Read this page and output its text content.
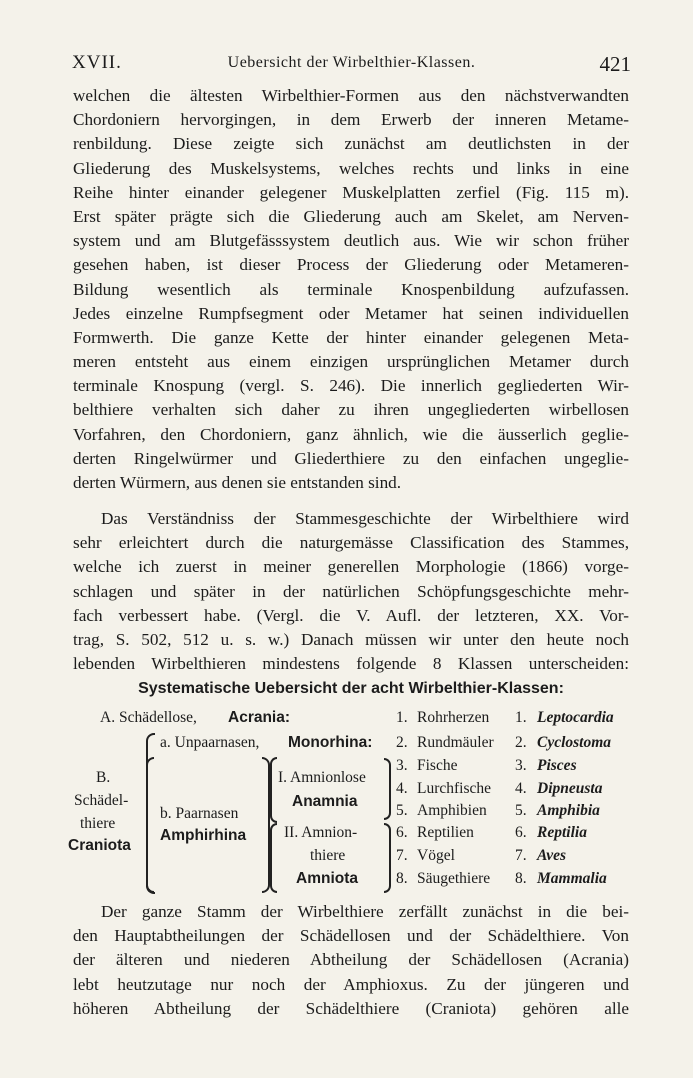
XVII.	Uebersicht der Wirbelthier-Klassen.	421
welchen die ältesten Wirbelthier-Formen aus den nächstverwandten
Chordoniern hervorgingen, in dem Erwerb der inneren Metame-
renbildung. Diese zeigte sich zunächst am deutlichsten in der
Gliederung des Muskelsystems, welches rechts und links in eine
Reihe hinter einander gelegener Muskelplatten zerfiel (Fig. 115 m).
Erst später prägte sich die Gliederung auch am Skelet, am Nerven-
system und am Blutgefässsystem deutlich aus. Wie wir schon früher
gesehen haben, ist dieser Process der Gliederung oder Metameren-
Bildung wesentlich als terminale Knospenbildung aufzufassen.
Jedes einzelne Rumpfsegment oder Metamer hat seinen individuellen
Formwerth. Die ganze Kette der hinter einander gelegenen Meta-
meren entsteht aus einem einzigen ursprünglichen Metamer durch
terminale Knospung (vergl. S. 246). Die innerlich gegliederten Wir-
belthiere verhalten sich daher zu ihren ungegliederten wirbellosen
Vorfahren, den Chordoniern, ganz ähnlich, wie die äusserlich geglie-
derten Ringelwürmer und Gliederthiere zu den einfachen ungeglie-
derten Würmern, aus denen sie entstanden sind.
Das Verständniss der Stammesgeschichte der Wirbelthiere wird
sehr erleichtert durch die naturgemässe Classification des Stammes,
welche ich zuerst in meiner generellen Morphologie (1866) vorge-
schlagen und später in der natürlichen Schöpfungsgeschichte mehr-
fach verbessert habe. (Vergl. die V. Aufl. der letzteren, XX. Vor-
trag, S. 502, 512 u. s. w.) Danach müssen wir unter den heute noch
lebenden Wirbelthieren mindestens folgende 8 Klassen unterscheiden:
Systematische Uebersicht der acht Wirbelthier-Klassen:
A. Schädellose, Acrania:
B.
Schädel-
thiere
Craniota
a. Unpaarnasen, Monorhina:
b. Paarnasen
Amphirhina
I. Amnionlose
Anamnia
II. Amnion-
thiere
Amniota
1. Rohrherzen 1. Leptocardia
2. Rundmäuler 2. Cyclostoma
3. Fische	3. Pisces
4. Lurchfische 4. Dipneusta
5. Amphibien 5. Amphibia
6. Reptilien	6. Reptilia
7. Vögel	7. Aves
8. Säugethiere 8. Mammalia
Der ganze Stamm der Wirbelthiere zerfällt zunächst in die bei-
den Hauptabtheilungen der Schädellosen und der Schädelthiere. Von
der älteren und niederen Abtheilung der Schädellosen (Acrania)
lebt heutzutage nur noch der Amphioxus. Zu der jüngeren und
höheren Abtheilung der Schädelthiere (Craniota) gehören alle
